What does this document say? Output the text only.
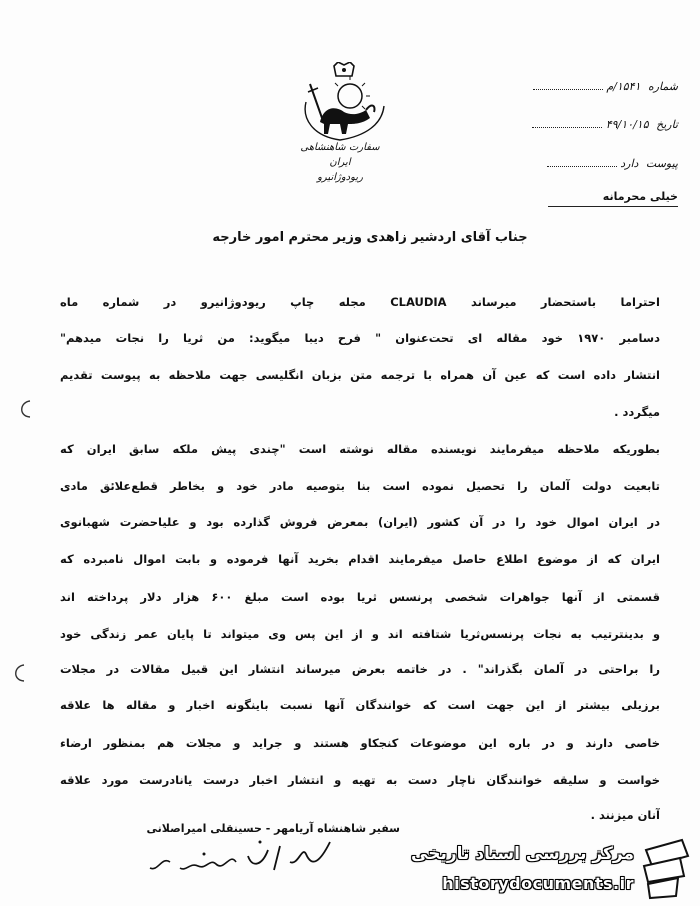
سفارت شاهنشاهی ایران
ریودوژانیرو
شماره ۱۵۴۱/م
تاریخ ۴۹/۱۰/۱۵
پیوست دارد
خیلی محرمانه
جناب آقای اردشیر زاهدی وزیر محترم امور خارجه
احتراما باستحضار میرساند CLAUDIA مجله چاپ ریودوژانیرو در شماره‌ ماه
دسامبر ۱۹۷۰ خود مقاله ای تحت‌عنوان " فرح دیبا میگوید: من ثریا را نجات میدهم"
انتشار داده است که عین آن همراه با ترجمه متن بزبان انگلیسی جهت ملاحظه به پیوست تقدیم
میگردد .
بطوریکه ملاحظه میفرمایند نویسنده مقاله نوشته است "چندی پیش ملکه‌ سابق ایران که
تابعیت دولت آلمان را تحصیل نموده است بنا بتوصیه مادر خود و بخاطر قطع‌علائق مادی
در ایران اموال خود را در آن کشور (ایران) بمعرض فروش گذارده بود و علیاحضرت شهبانوی
ایران که از موضوع اطلاع حاصل میفرمایند اقدام بخرید آنها فرموده و بابت اموال نامبرده که
قسمتی از آنها جواهرات شخصی پرنسس ثریا بوده است مبلغ ۶۰۰ هزار دلار پرداخته اند
و بدینترتیب به نجات پرنسس‌ثریا شتافته اند و از این پس وی میتواند تا پایان عمر زندگی خود
را براحتی در آلمان بگذراند" . در خاتمه بعرض میرساند انتشار این قبیل مقالات در مجلات
برزیلی بیشتر از این جهت است که خوانندگان آنها نسبت باینگونه اخبار و مقاله ها علاقه
خاصی دارند و در باره‌ این موضوعات کنجکاو هستند و جراید و مجلات هم بمنظور ارضاء
خواست و سلیقه‌ خوانندگان ناچار دست به تهیه و انتشار اخبار درست یانادرست مورد علاقه
آنان میزنند .
سفیر شاهنشاه آریامهر - حسینقلی امیراصلانی
مرکز بررسی اسناد تاریخی
historydocuments.ir
